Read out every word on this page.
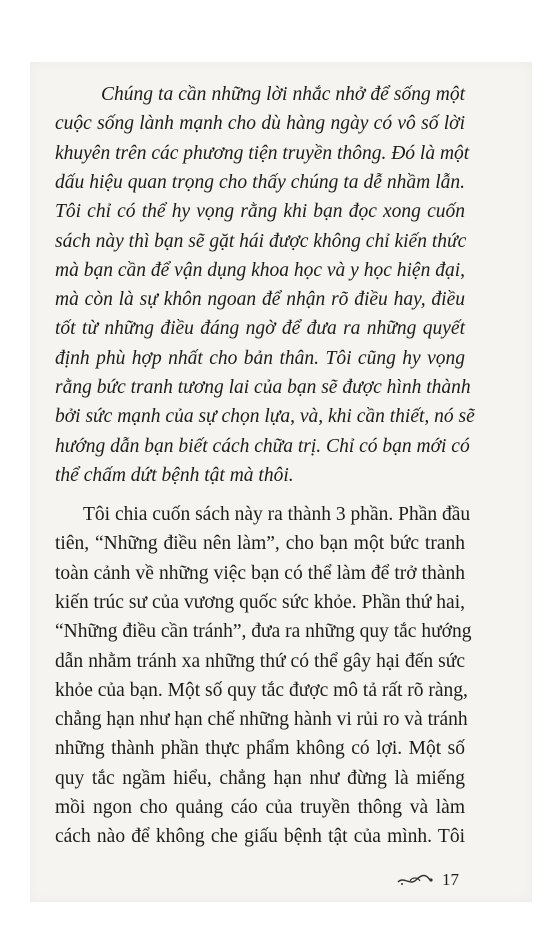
Chúng ta cần những lời nhắc nhở để sống một
cuộc sống lành mạnh cho dù hàng ngày có vô số lời
khuyên trên các phương tiện truyền thông. Đó là một
dấu hiệu quan trọng cho thấy chúng ta dễ nhầm lẫn.
Tôi chỉ có thể hy vọng rằng khi bạn đọc xong cuốn
sách này thì bạn sẽ gặt hái được không chỉ kiến thức
mà bạn cần để vận dụng khoa học và y học hiện đại,
mà còn là sự khôn ngoan để nhận rõ điều hay, điều
tốt từ những điều đáng ngờ để đưa ra những quyết
định phù hợp nhất cho bản thân. Tôi cũng hy vọng
rằng bức tranh tương lai của bạn sẽ được hình thành
bởi sức mạnh của sự chọn lựa, và, khi cần thiết, nó sẽ
hướng dẫn bạn biết cách chữa trị. Chỉ có bạn mới có
thể chấm dứt bệnh tật mà thôi.
Tôi chia cuốn sách này ra thành 3 phần. Phần đầu
tiên, “Những điều nên làm”, cho bạn một bức tranh
toàn cảnh về những việc bạn có thể làm để trở thành
kiến trúc sư của vương quốc sức khỏe. Phần thứ hai,
“Những điều cần tránh”, đưa ra những quy tắc hướng
dẫn nhằm tránh xa những thứ có thể gây hại đến sức
khỏe của bạn. Một số quy tắc được mô tả rất rõ ràng,
chẳng hạn như hạn chế những hành vi rủi ro và tránh
những thành phần thực phẩm không có lợi. Một số
quy tắc ngầm hiểu, chẳng hạn như đừng là miếng
mồi ngon cho quảng cáo của truyền thông và làm
cách nào để không che giấu bệnh tật của mình. Tôi
17
